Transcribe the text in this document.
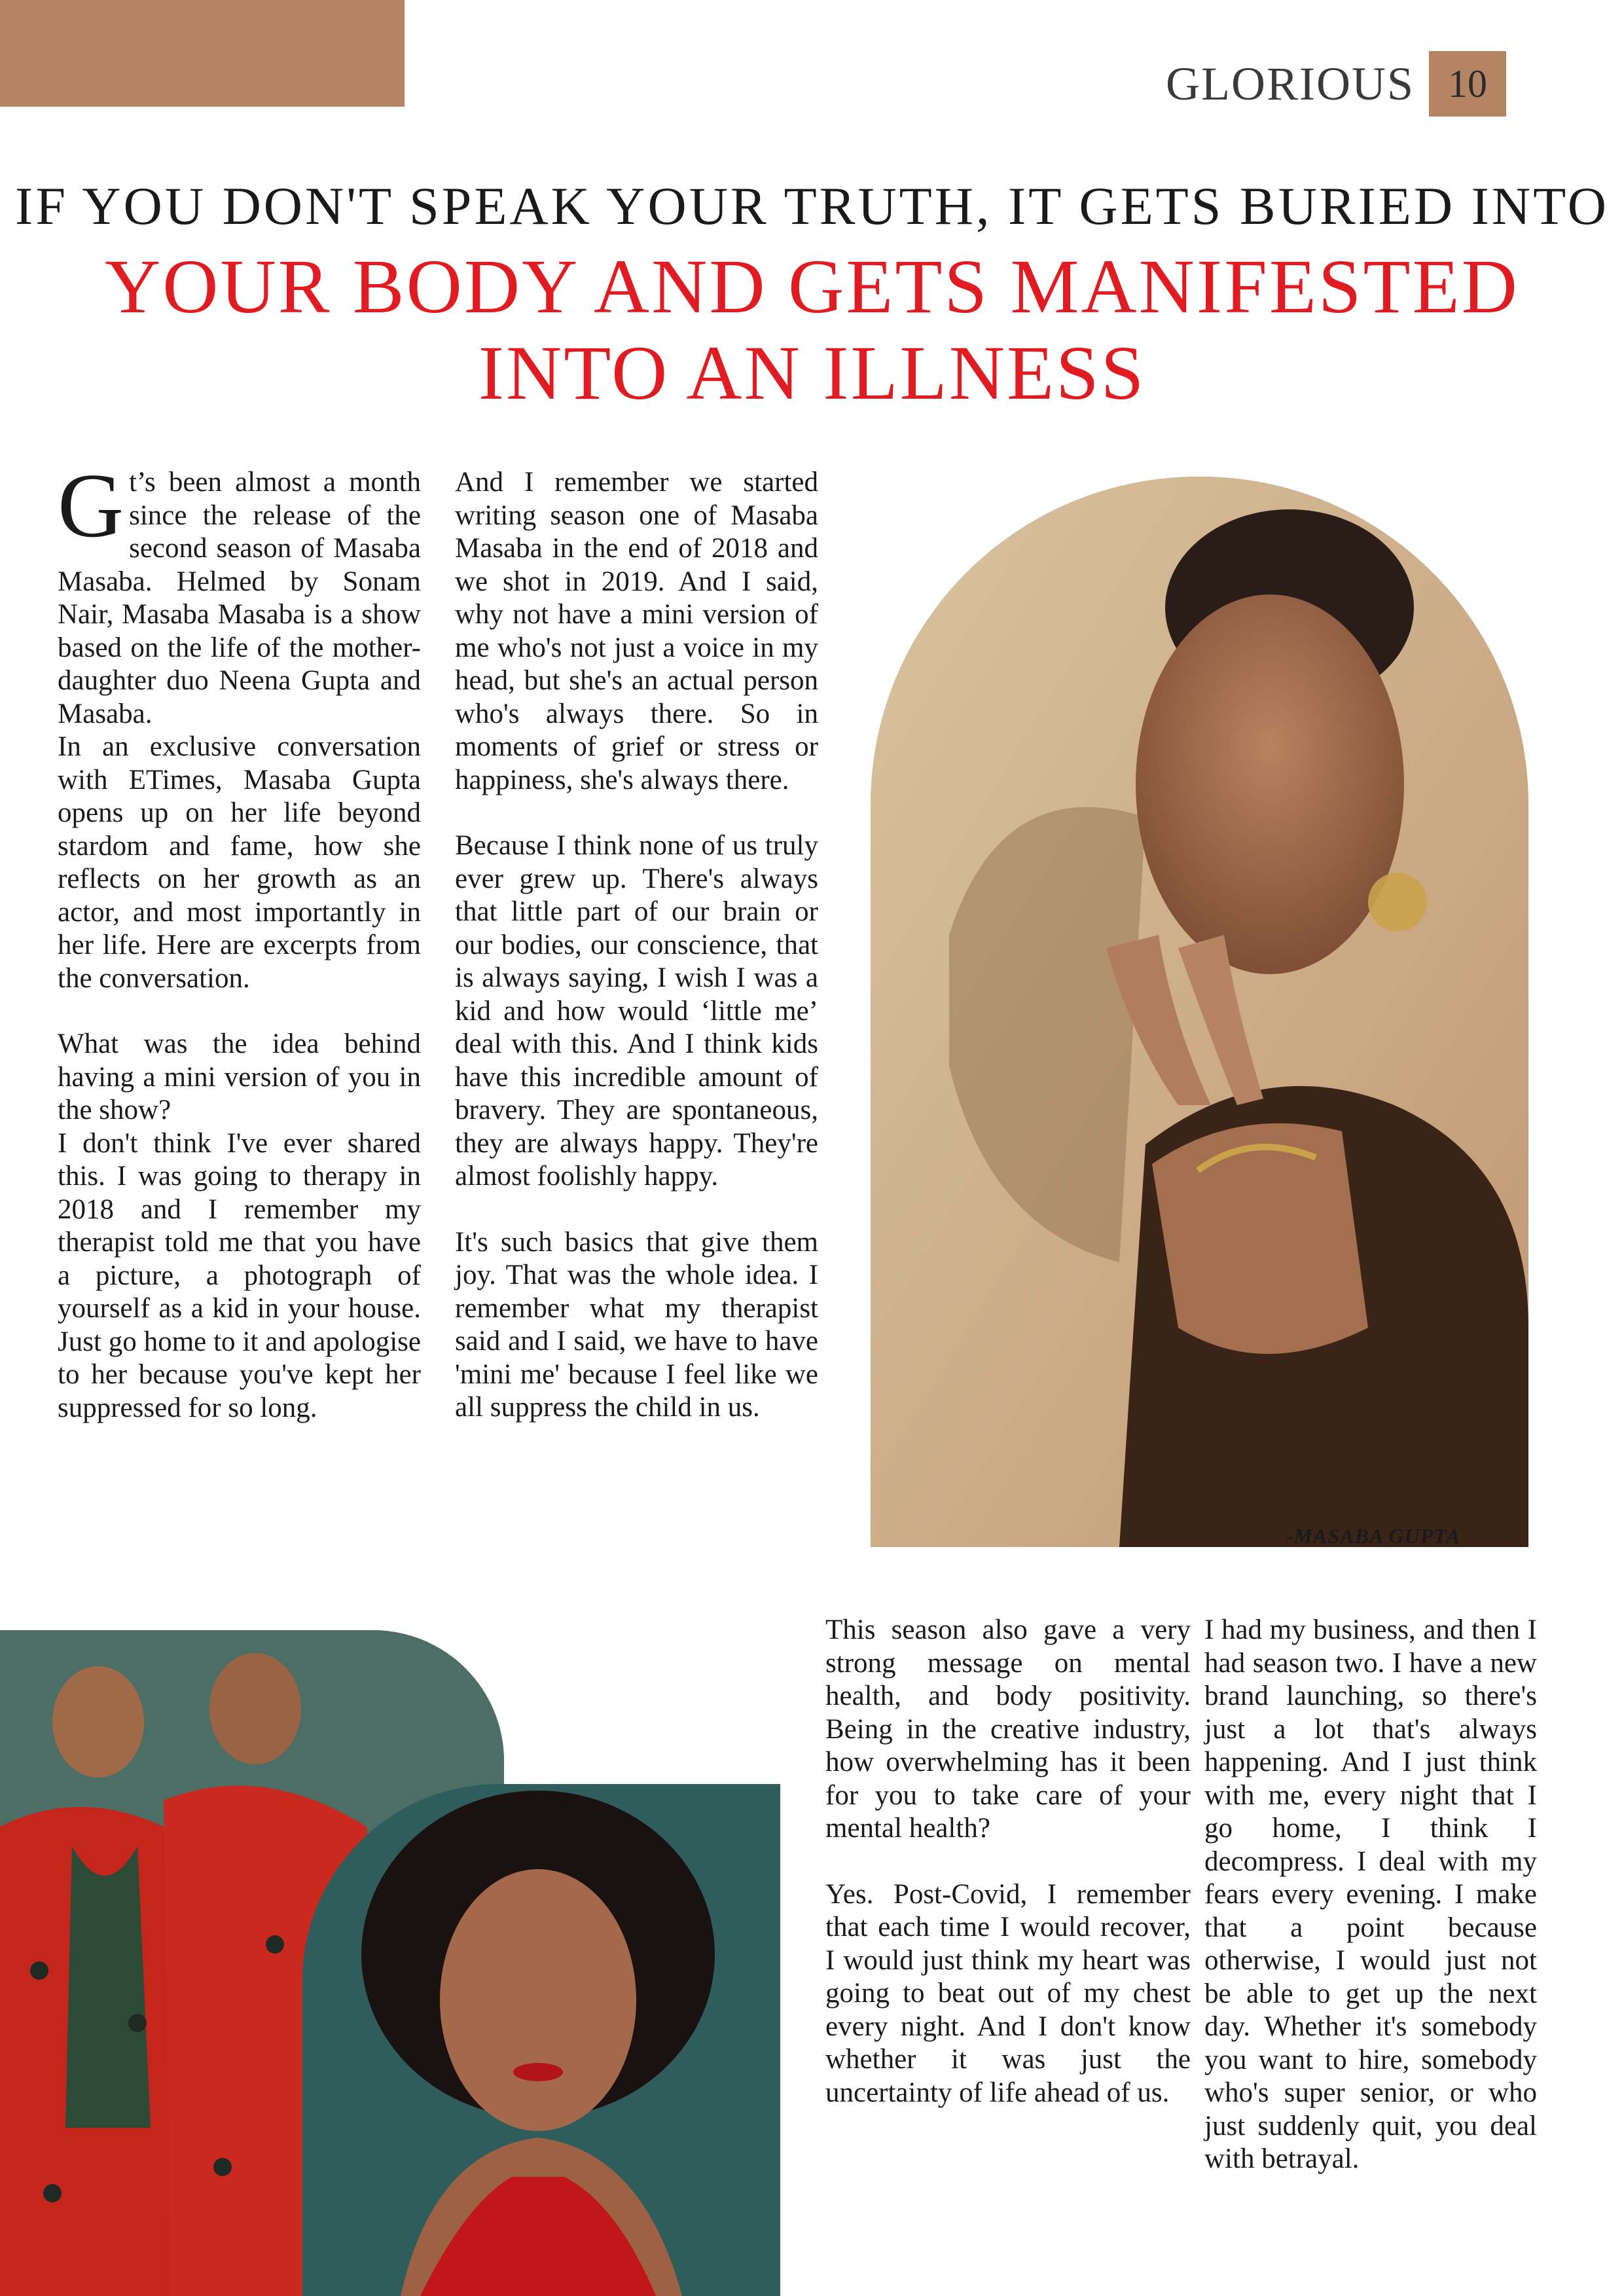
GLORIOUS 10
IF YOU DON'T SPEAK YOUR TRUTH, IT GETS BURIED INTO
YOUR BODY AND GETS MANIFESTED
INTO AN ILLNESS

Gt’s been almost a month since the release of the second season of Masaba Masaba. Helmed by Sonam Nair, Masaba Masaba is a show based on the life of the mother-daughter duo Neena Gupta and Masaba.

In an exclusive conversation with ETimes, Masaba Gupta opens up on her life beyond stardom and fame, how she reflects on her growth as an actor, and most importantly in her life. Here are excerpts from the conversation.

What was the idea behind having a mini version of you in the show?

I don't think I've ever shared this. I was going to therapy in 2018 and I remember my therapist told me that you have a picture, a photograph of yourself as a kid in your house. Just go home to it and apologise to her because you've kept her suppressed for so long.

And I remember we started writing season one of Masaba Masaba in the end of 2018 and we shot in 2019. And I said, why not have a mini version of me who's not just a voice in my head, but she's an actual person who's always there. So in moments of grief or stress or happiness, she's always there.

Because I think none of us truly ever grew up. There's always that little part of our brain or our bodies, our conscience, that is always saying, I wish I was a kid and how would ‘little me’ deal with this. And I think kids have this incredible amount of bravery. They are spontaneous, they are always happy. They're almost foolishly happy.

It's such basics that give them joy. That was the whole idea. I remember what my therapist said and I said, we have to have 'mini me' because I feel like we all suppress the child in us.

-MASABA GUPTA

This season also gave a very strong message on mental health, and body positivity. Being in the creative industry, how overwhelming has it been for you to take care of your mental health?

Yes. Post-Covid, I remember that each time I would recover, I would just think my heart was going to beat out of my chest every night. And I don't know whether it was just the uncertainty of life ahead of us.

I had my business, and then I had season two. I have a new brand launching, so there's just a lot that's always happening. And I just think with me, every night that I go home, I think I decompress. I deal with my fears every evening. I make that a point because otherwise, I would just not be able to get up the next day. Whether it's somebody you want to hire, somebody who's super senior, or who just suddenly quit, you deal with betrayal.
